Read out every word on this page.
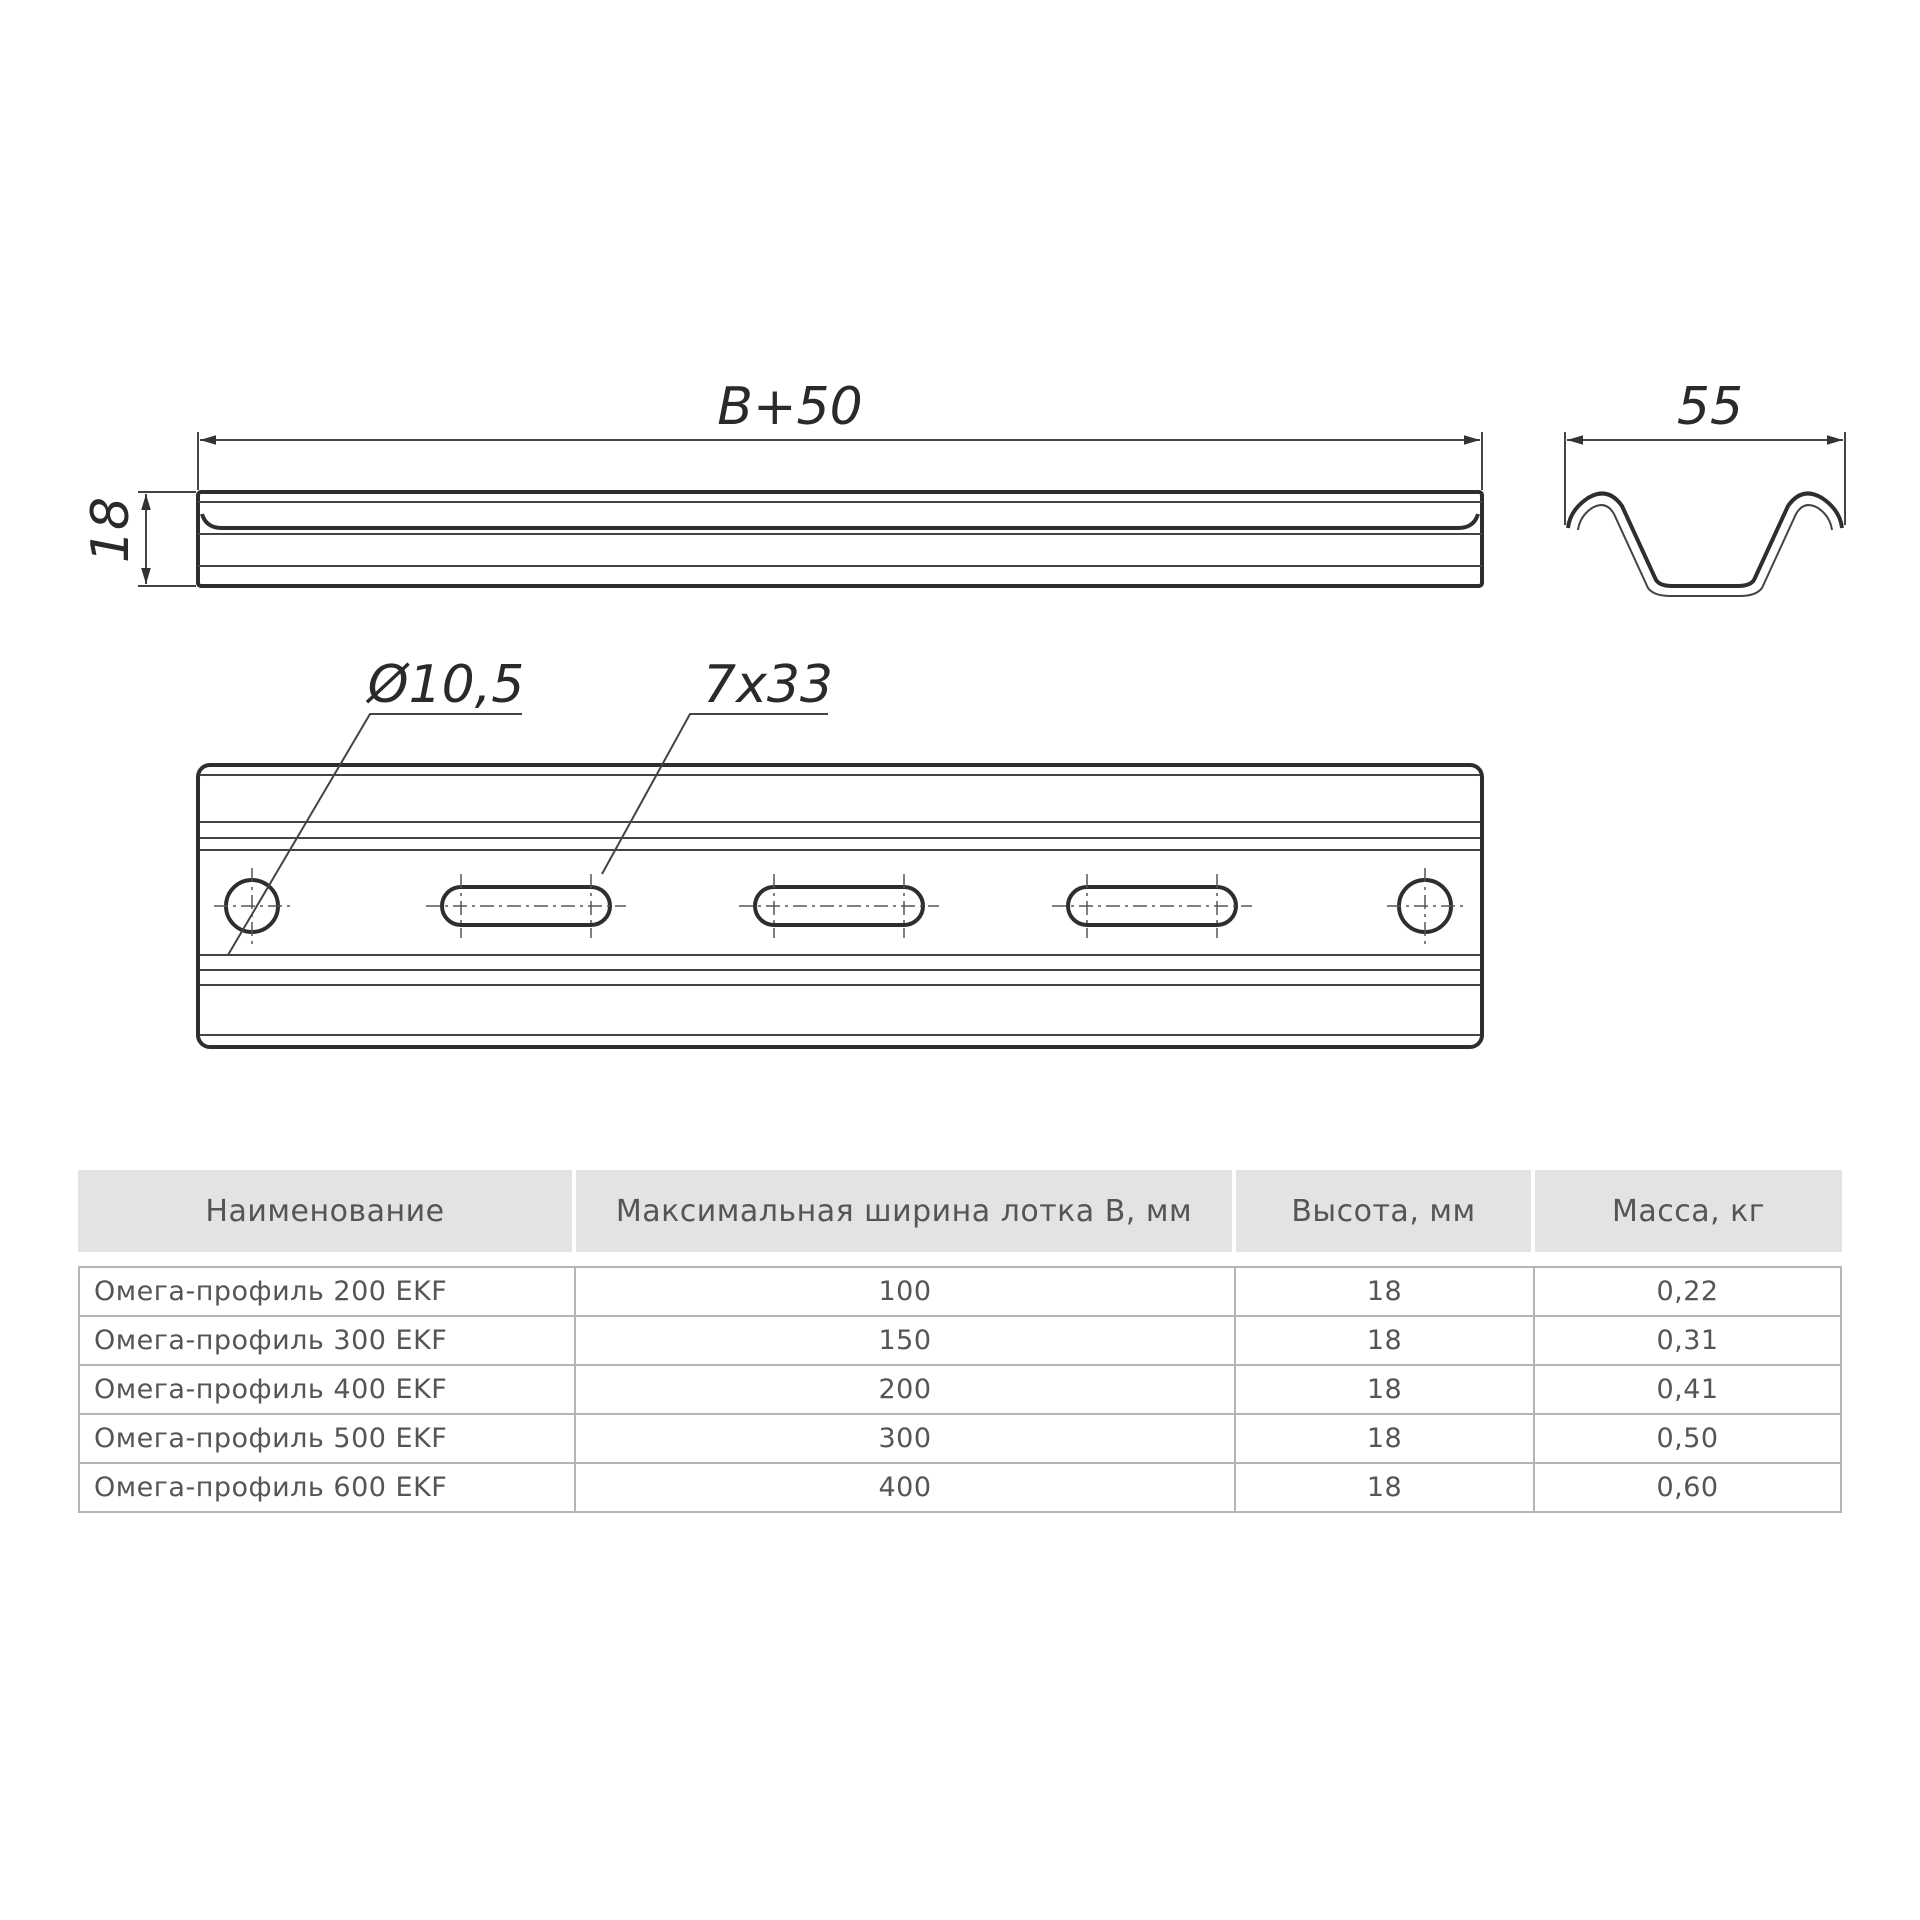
B+50
18
55
Ø10,5	7x33
Наименование	Максимальная ширина лотка В, мм	Высота, мм	Масса, кг

Омега-профиль 200 EKF	100	18	0,22
Омега-профиль 300 EKF	150	18	0,31
Омега-профиль 400 EKF	200	18	0,41
Омега-профиль 500 EKF	300	18	0,50
Омега-профиль 600 EKF	400	18	0,60
